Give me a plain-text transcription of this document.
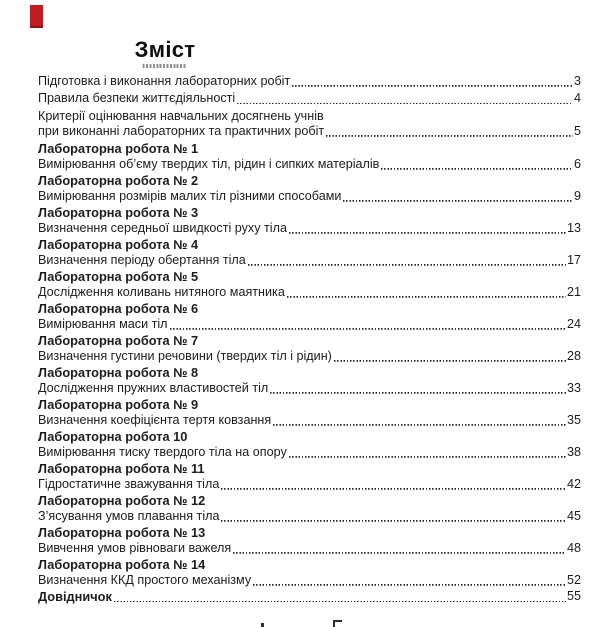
Зміст
Підготовка і виконання лабораторних робіт	3
Правила безпеки життєдіяльності	4
Критерії оцінювання навчальних досягнень учнів
при виконанні лабораторних та практичних робіт	5
Лабораторна робота № 1
Вимірювання об’єму твердих тіл, рідин і сипких матеріалів	6
Лабораторна робота № 2
Вимірювання розмірів малих тіл різними способами	9
Лабораторна робота № 3
Визначення середньої швидкості руху тіла	13
Лабораторна робота № 4
Визначення періоду обертання тіла	17
Лабораторна робота № 5
Дослідження коливань нитяного маятника	21
Лабораторна робота № 6
Вимірювання маси тіл	24
Лабораторна робота № 7
Визначення густини речовини (твердих тіл і рідин)	28
Лабораторна робота № 8
Дослідження пружних властивостей тіл	33
Лабораторна робота № 9
Визначення коефіцієнта тертя ковзання	35
Лабораторна робота 10
Вимірювання тиску твердого тіла на опору	38
Лабораторна робота № 11
Гідростатичне зважування тіла	42
Лабораторна робота № 12
З’ясування умов плавання тіла	45
Лабораторна робота № 13
Вивчення умов рівноваги важеля	48
Лабораторна робота № 14
Визначення ККД простого механізму	52
Довідничок	55
